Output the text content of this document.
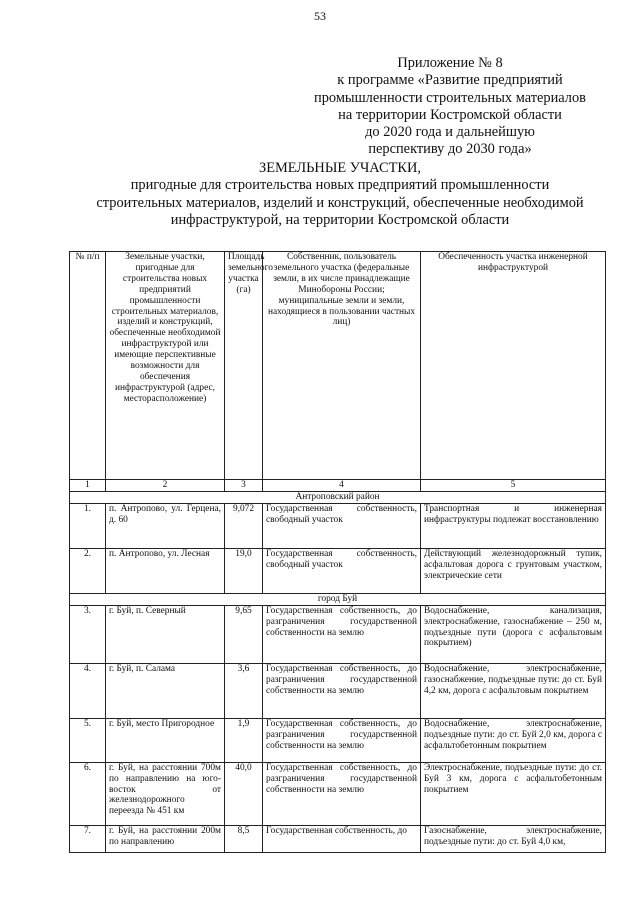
53
Приложение № 8
к программе «Развитие предприятий
промышленности строительных материалов
на территории Костромской области
до 2020 года и дальнейшую
перспективу до 2030 года»
ЗЕМЕЛЬНЫЕ УЧАСТКИ,
пригодные для строительства новых предприятий промышленности
строительных материалов, изделий и конструкций, обеспеченные необходимой
инфраструктурой, на территории Костромской области
№ п/п	Земельные участки, пригодные для строительства новых предприятий промышленности строительных материалов, изделий и конструкций, обеспеченные необходимой инфраструктурой или имеющие перспективные возможности для обеспечения инфраструктурой (адрес, месторасположение)	Площадь земельного участка (га)	Собственник, пользователь земельного участка (федеральные земли, в их числе принадлежащие Минобороны России; муниципальные земли и земли, находящиеся в пользовании частных лиц)	Обеспеченность участка инженерной инфраструктурой
1	2	3	4	5
Антроповский район				
1.	п. Антропово, ул. Герцена, д. 60	9,072	Государственная собственность, свободный участок	Транспортная и инженерная инфраструктуры подлежат восстановлению
2.	п. Антропово, ул. Лесная	19,0	Государственная собственность, свободный участок	Действующий железнодорожный тупик, асфальтовая дорога с грунтовым участком, электрические сети
город Буй				
3.	г. Буй, п. Северный	9,65	Государственная собственность, до разграничения государственной собственности на землю	Водоснабжение, канализация, электроснабжение, газоснабжение – 250 м, подъездные пути (дорога с асфальтовым покрытием)
4.	г. Буй, п. Салама	3,6	Государственная собственность, до разграничения государственной собственности на землю	Водоснабжение, электроснабжение, газоснабжение, подъездные пути: до ст. Буй 4,2 км, дорога с асфальтовым покрытием
5.	г. Буй, место Пригородное	1,9	Государственная собственность, до разграничения государственной собственности на землю	Водоснабжение, электроснабжение, подъездные пути: до ст. Буй 2,0 км, дорога с асфальтобетонным покрытием
6.	г. Буй, на расстоянии 700м по направлению на юго-восток от железнодорожного переезда № 451 км	40,0	Государственная собственность, до разграничения государственной собственности на землю	Электроснабжение, подъездные пути: до ст. Буй 3 км, дорога с асфальтобетонным покрытием
7.	г. Буй, на расстоянии 200м по направлению	8,5	Государственная собственность, до	Газоснабжение, электроснабжение, подъездные пути: до ст. Буй 4,0 км,
